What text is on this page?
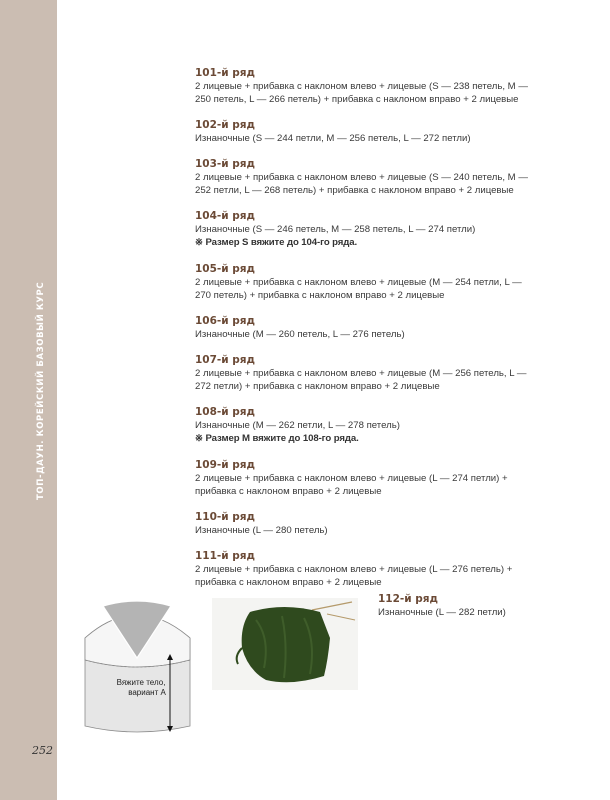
ТОП-ДАУН. КОРЕЙСКИЙ БАЗОВЫЙ КУРС
101-й ряд
2 лицевые + прибавка с наклоном влево + лицевые (S — 238 петель, M — 250 петель, L — 266 петель) + прибавка с наклоном вправо + 2 лицевые
102-й ряд
Изнаночные (S — 244 петли, M — 256 петель, L — 272 петли)
103-й ряд
2 лицевые + прибавка с наклоном влево + лицевые (S — 240 петель, M — 252 петли, L — 268 петель) + прибавка с наклоном вправо + 2 лицевые
104-й ряд
Изнаночные (S — 246 петель, M — 258 петель, L — 274 петли)
※ Размер S вяжите до 104-го ряда.
105-й ряд
2 лицевые + прибавка с наклоном влево + лицевые (M — 254 петли, L — 270 петель) + прибавка с наклоном вправо + 2 лицевые
106-й ряд
Изнаночные (M — 260 петель, L — 276 петель)
107-й ряд
2 лицевые + прибавка с наклоном влево + лицевые (M — 256 петель, L — 272 петли) + прибавка с наклоном вправо + 2 лицевые
108-й ряд
Изнаночные (M — 262 петли, L — 278 петель)
※ Размер M вяжите до 108-го ряда.
109-й ряд
2 лицевые + прибавка с наклоном влево + лицевые (L — 274 петли) + прибавка с наклоном вправо + 2 лицевые
110-й ряд
Изнаночные (L — 280 петель)
111-й ряд
2 лицевые + прибавка с наклоном влево + лицевые (L — 276 петель) + прибавка с наклоном вправо + 2 лицевые
Вяжите тело,
вариант А
112-й ряд
Изнаночные (L — 282 петли)
252
